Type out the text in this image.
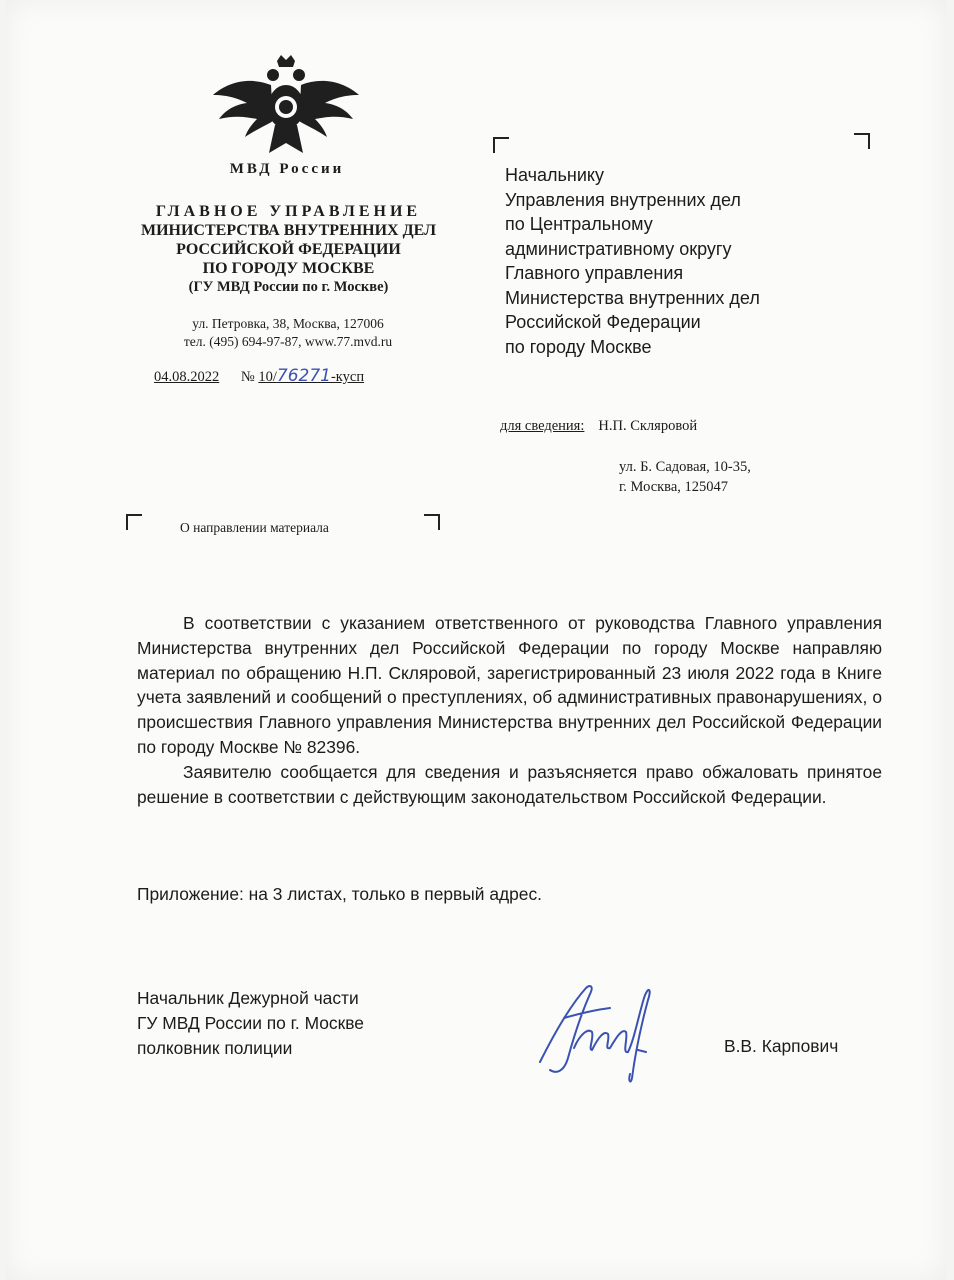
МВД России
ГЛАВНОЕ УПРАВЛЕНИЕ
МИНИСТЕРСТВА ВНУТРЕННИХ ДЕЛ
РОССИЙСКОЙ ФЕДЕРАЦИИ
ПО ГОРОДУ МОСКВЕ
(ГУ МВД России по г. Москве)
ул. Петровка, 38, Москва, 127006
тел. (495) 694-97-87, www.77.mvd.ru
04.08.2022 № 10/76271-кусп
Начальнику
Управления внутренних дел
по Центральному
административному округу
Главного управления
Министерства внутренних дел
Российской Федерации
по городу Москве
для сведения: Н.П. Скляровой
ул. Б. Садовая, 10-35,
г. Москва, 125047
О направлении материала

В соответствии с указанием ответственного от руководства Главного управления Министерства внутренних дел Российской Федерации по городу Москве направляю материал по обращению Н.П. Скляровой, зарегистрированный 23 июля 2022 года в Книге учета заявлений и сообщений о преступлениях, об административных правонарушениях, о происшествия Главного управления Министерства внутренних дел Российской Федерации по городу Москве № 82396.

Заявителю сообщается для сведения и разъясняется право обжаловать принятое решение в соответствии с действующим законодательством Российской Федерации.

Приложение: на 3 листах, только в первый адрес.
Начальник Дежурной части
ГУ МВД России по г. Москве
полковник полиции	В.В. Карпович
